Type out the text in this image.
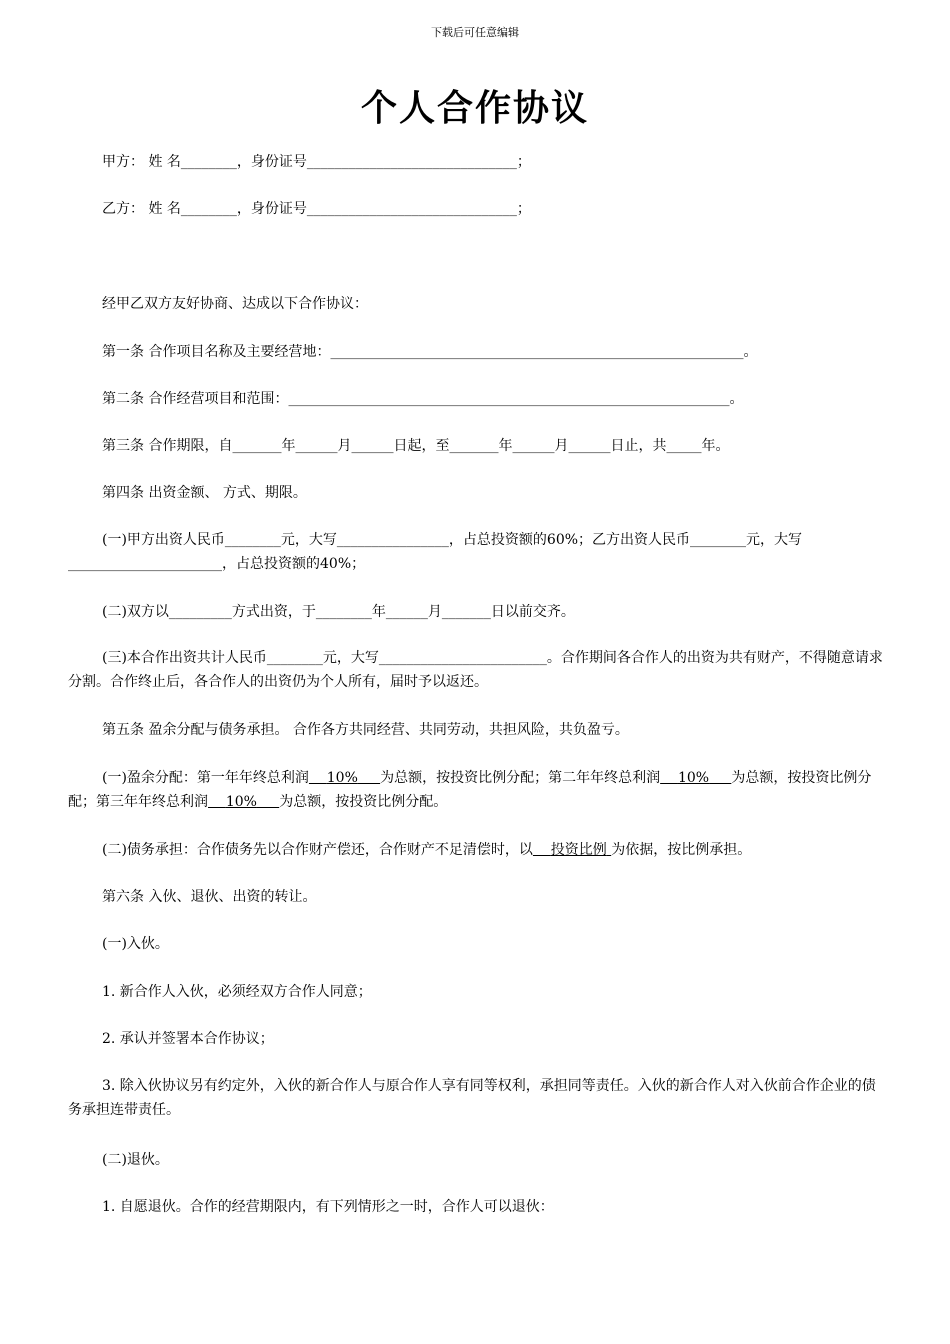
下载后可任意编辑
个人合作协议
甲方： 姓 名________，身份证号______________________________；
乙方： 姓 名________，身份证号______________________________；
经甲乙双方友好协商、达成以下合作协议：
第一条 合作项目名称及主要经营地：___________________________________________________________。
第二条 合作经营项目和范围：_______________________________________________________________。
第三条 合作期限，自_______年______月______日起，至_______年______月______日止，共_____年。
第四条 出资金额、 方式、期限。
(一)甲方出资人民币________元，大写________________，占总投资额的60%；乙方出资人民币________元，大写______________________，占总投资额的40%；
(二)双方以_________方式出资，于________年______月_______日以前交齐。
(三)本合作出资共计人民币________元，大写________________________。合作期间各合作人的出资为共有财产，不得随意请求分割。合作终止后，各合作人的出资仍为个人所有，届时予以返还。
第五条 盈余分配与债务承担。 合作各方共同经营、共同劳动，共担风险，共负盈亏。
(一)盈余分配：第一年年终总利润 10% 为总额，按投资比例分配；第二年年终总利润 10% 为总额，按投资比例分配；第三年年终总利润 10% 为总额，按投资比例分配。
(二)债务承担：合作债务先以合作财产偿还，合作财产不足清偿时，以 投资比例 为依据，按比例承担。
第六条 入伙、退伙、出资的转让。
(一)入伙。
1. 新合作人入伙，必须经双方合作人同意；
2. 承认并签署本合作协议；
3. 除入伙协议另有约定外，入伙的新合作人与原合作人享有同等权利，承担同等责任。入伙的新合作人对入伙前合作企业的债务承担连带责任。
(二)退伙。
1. 自愿退伙。合作的经营期限内，有下列情形之一时，合作人可以退伙：
